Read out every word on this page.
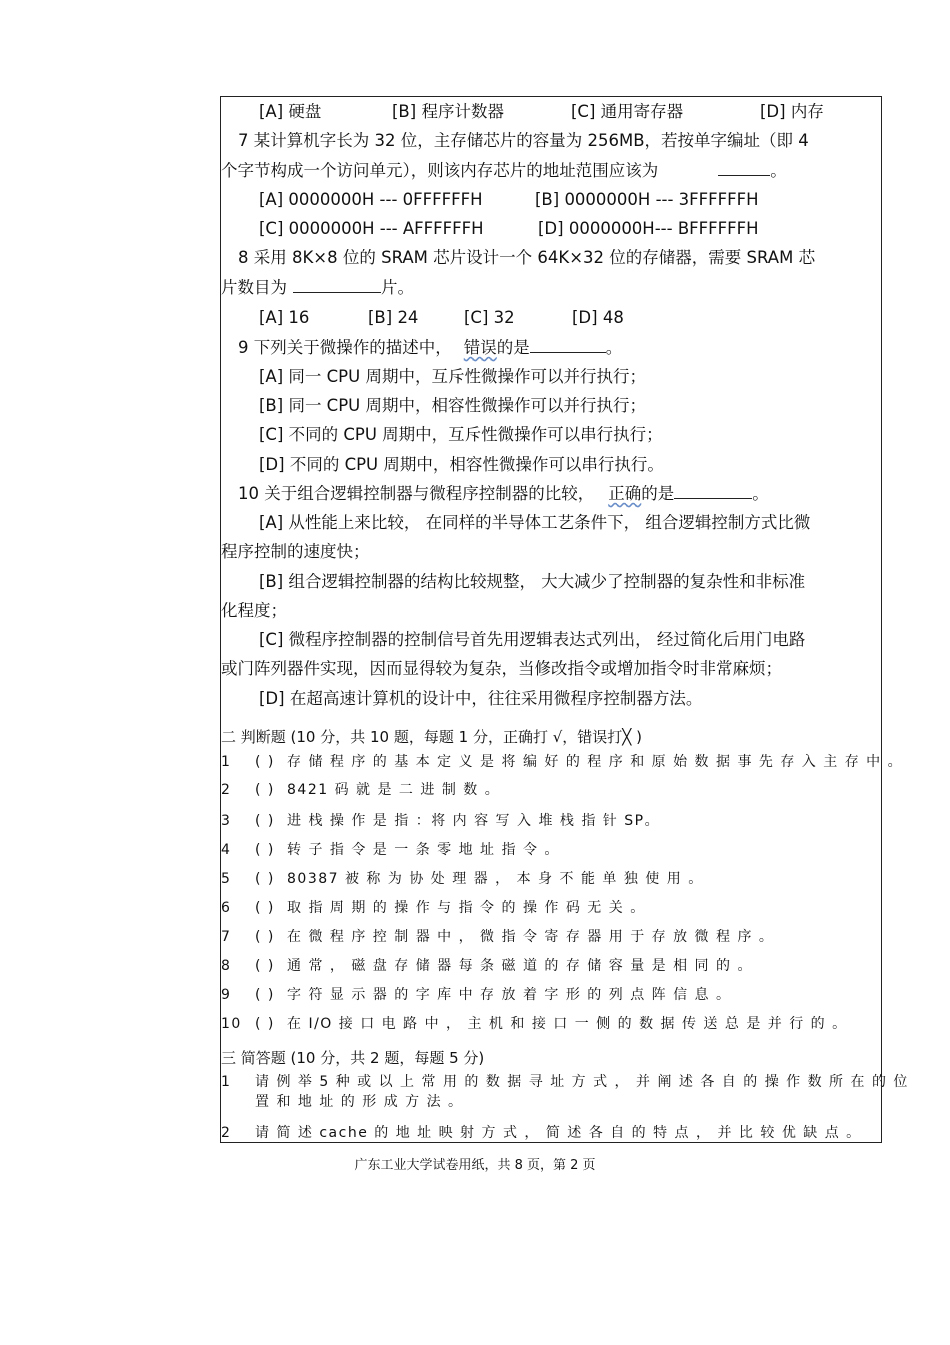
[A] 硬盘	[B] 程序计数器	[C] 通用寄存器	[D] 内存
7 某计算机字长为 32 位，主存储芯片的容量为 256MB，若按单字编址（即 4
个字节构成一个访问单元），则该内存芯片的地址范围应该为	。
[A] 0000000H --- 0FFFFFFH	[B] 0000000H --- 3FFFFFFH
[C] 0000000H --- AFFFFFFH	[D] 0000000H--- BFFFFFFH
8 采用 8K×8 位的 SRAM 芯片设计一个 64K×32 位的存储器，需要 SRAM 芯
片数目为	片。
[A] 16	[B] 24	[C] 32	[D] 48
9 下列关于微操作的描述中， 错误的是	。
[A] 同一 CPU 周期中，互斥性微操作可以并行执行；
[B] 同一 CPU 周期中，相容性微操作可以并行执行；
[C] 不同的 CPU 周期中，互斥性微操作可以串行执行；
[D] 不同的 CPU 周期中，相容性微操作可以串行执行。
10 关于组合逻辑控制器与微程序控制器的比较， 正确的是	。
[A] 从性能上来比较， 在同样的半导体工艺条件下， 组合逻辑控制方式比微
程序控制的速度快；
[B] 组合逻辑控制器的结构比较规整， 大大减少了控制器的复杂性和非标准
化程度；
[C] 微程序控制器的控制信号首先用逻辑表达式列出， 经过简化后用门电路
或门阵列器件实现，因而显得较为复杂，当修改指令或增加指令时非常麻烦；
[D] 在超高速计算机的设计中，往往采用微程序控制器方法。
二 判断题 (10 分，共 10 题，每题 1 分，正确打 √，错误打╳ )
1 ( ) 存 储 程 序 的 基 本 定 义 是 将 编 好 的 程 序 和 原 始 数 据 事 先 存 入 主 存 中 。
2 ( ) 8421 码 就 是 二 进 制 数 。
3 ( ) 进 栈 操 作 是 指 ：将 内 容 写 入 堆 栈 指 针 SP。
4 ( ) 转 子 指 令 是 一 条 零 地 址 指 令 。
5 ( ) 80387 被 称 为 协 处 理 器 ， 本 身 不 能 单 独 使 用 。
6 ( ) 取 指 周 期 的 操 作 与 指 令 的 操 作 码 无 关 。
7 ( ) 在 微 程 序 控 制 器 中 ， 微 指 令 寄 存 器 用 于 存 放 微 程 序 。
8 ( ) 通 常 ， 磁 盘 存 储 器 每 条 磁 道 的 存 储 容 量 是 相 同 的 。
9 ( ) 字 符 显 示 器 的 字 库 中 存 放 着 字 形 的 列 点 阵 信 息 。
10 ( ) 在 I/O 接 口 电 路 中 ， 主 机 和 接 口 一 侧 的 数 据 传 送 总 是 并 行 的 。
三 简答题 (10 分，共 2 题，每题 5 分)
1 请 例 举 5 种 或 以 上 常 用 的 数 据 寻 址 方 式 ， 并 阐 述 各 自 的 操 作 数 所 在 的 位
置 和 地 址 的 形 成 方 法 。
2 请 简 述 cache 的 地 址 映 射 方 式 ， 简 述 各 自 的 特 点 ， 并 比 较 优 缺 点 。
广东工业大学试卷用纸，共 8 页，第 2 页
